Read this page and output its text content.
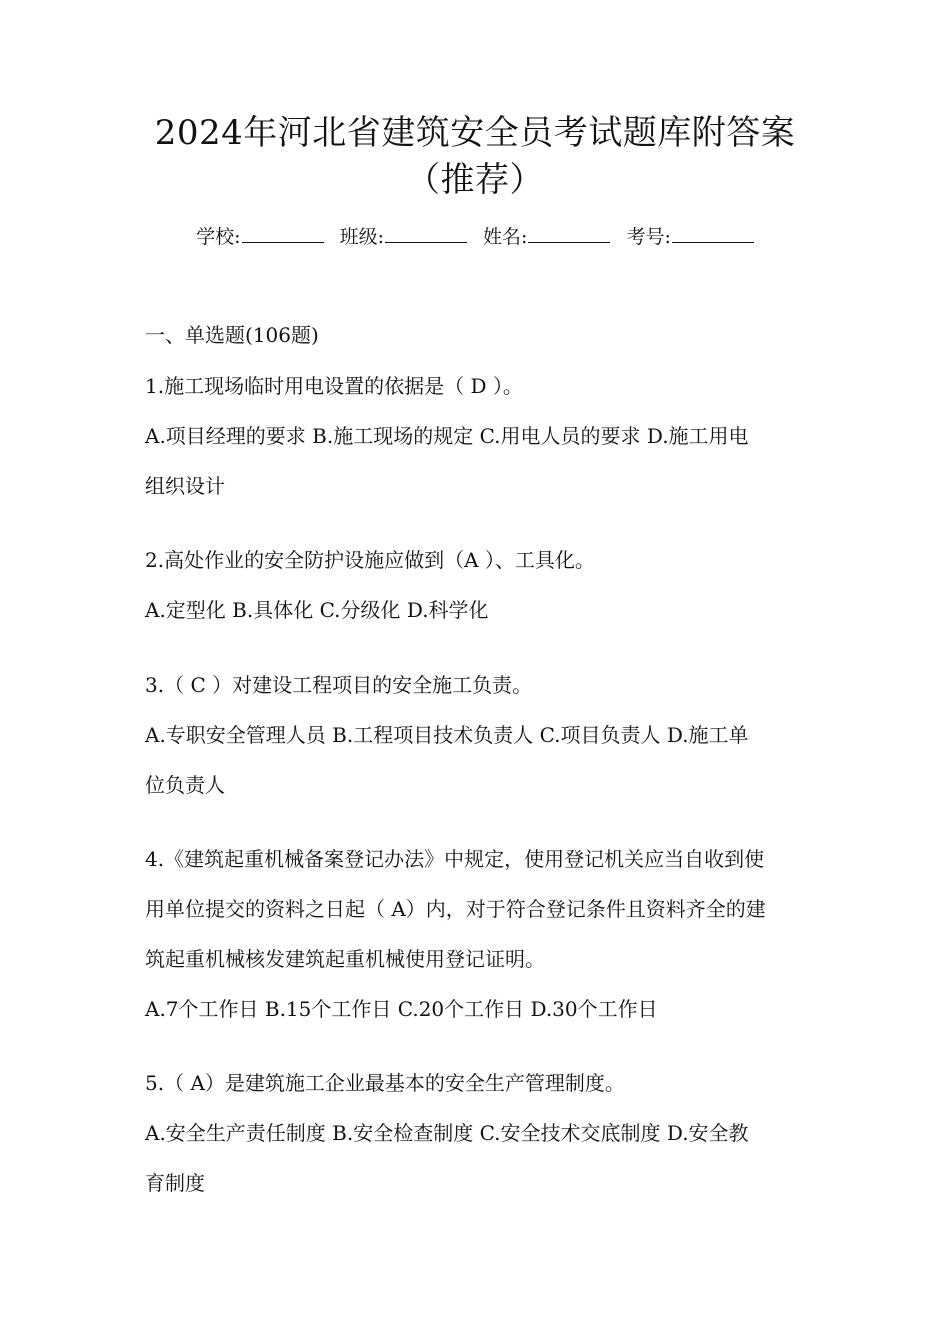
2024年河北省建筑安全员考试题库附答案
（推荐）
学校:	班级:	姓名:	考号:
一、单选题(106题)
1.施工现场临时用电设置的依据是（ D ）。
A.项目经理的要求 B.施工现场的规定 C.用电人员的要求 D.施工用电
组织设计
2.高处作业的安全防护设施应做到（A ）、工具化。
A.定型化 B.具体化 C.分级化 D.科学化
3.（ C ）对建设工程项目的安全施工负责。
A.专职安全管理人员 B.工程项目技术负责人 C.项目负责人 D.施工单
位负责人
4.《建筑起重机械备案登记办法》中规定，使用登记机关应当自收到使
用单位提交的资料之日起（ A）内，对于符合登记条件且资料齐全的建
筑起重机械核发建筑起重机械使用登记证明。
A.7个工作日 B.15个工作日 C.20个工作日 D.30个工作日
5.（ A）是建筑施工企业最基本的安全生产管理制度。
A.安全生产责任制度 B.安全检查制度 C.安全技术交底制度 D.安全教
育制度
